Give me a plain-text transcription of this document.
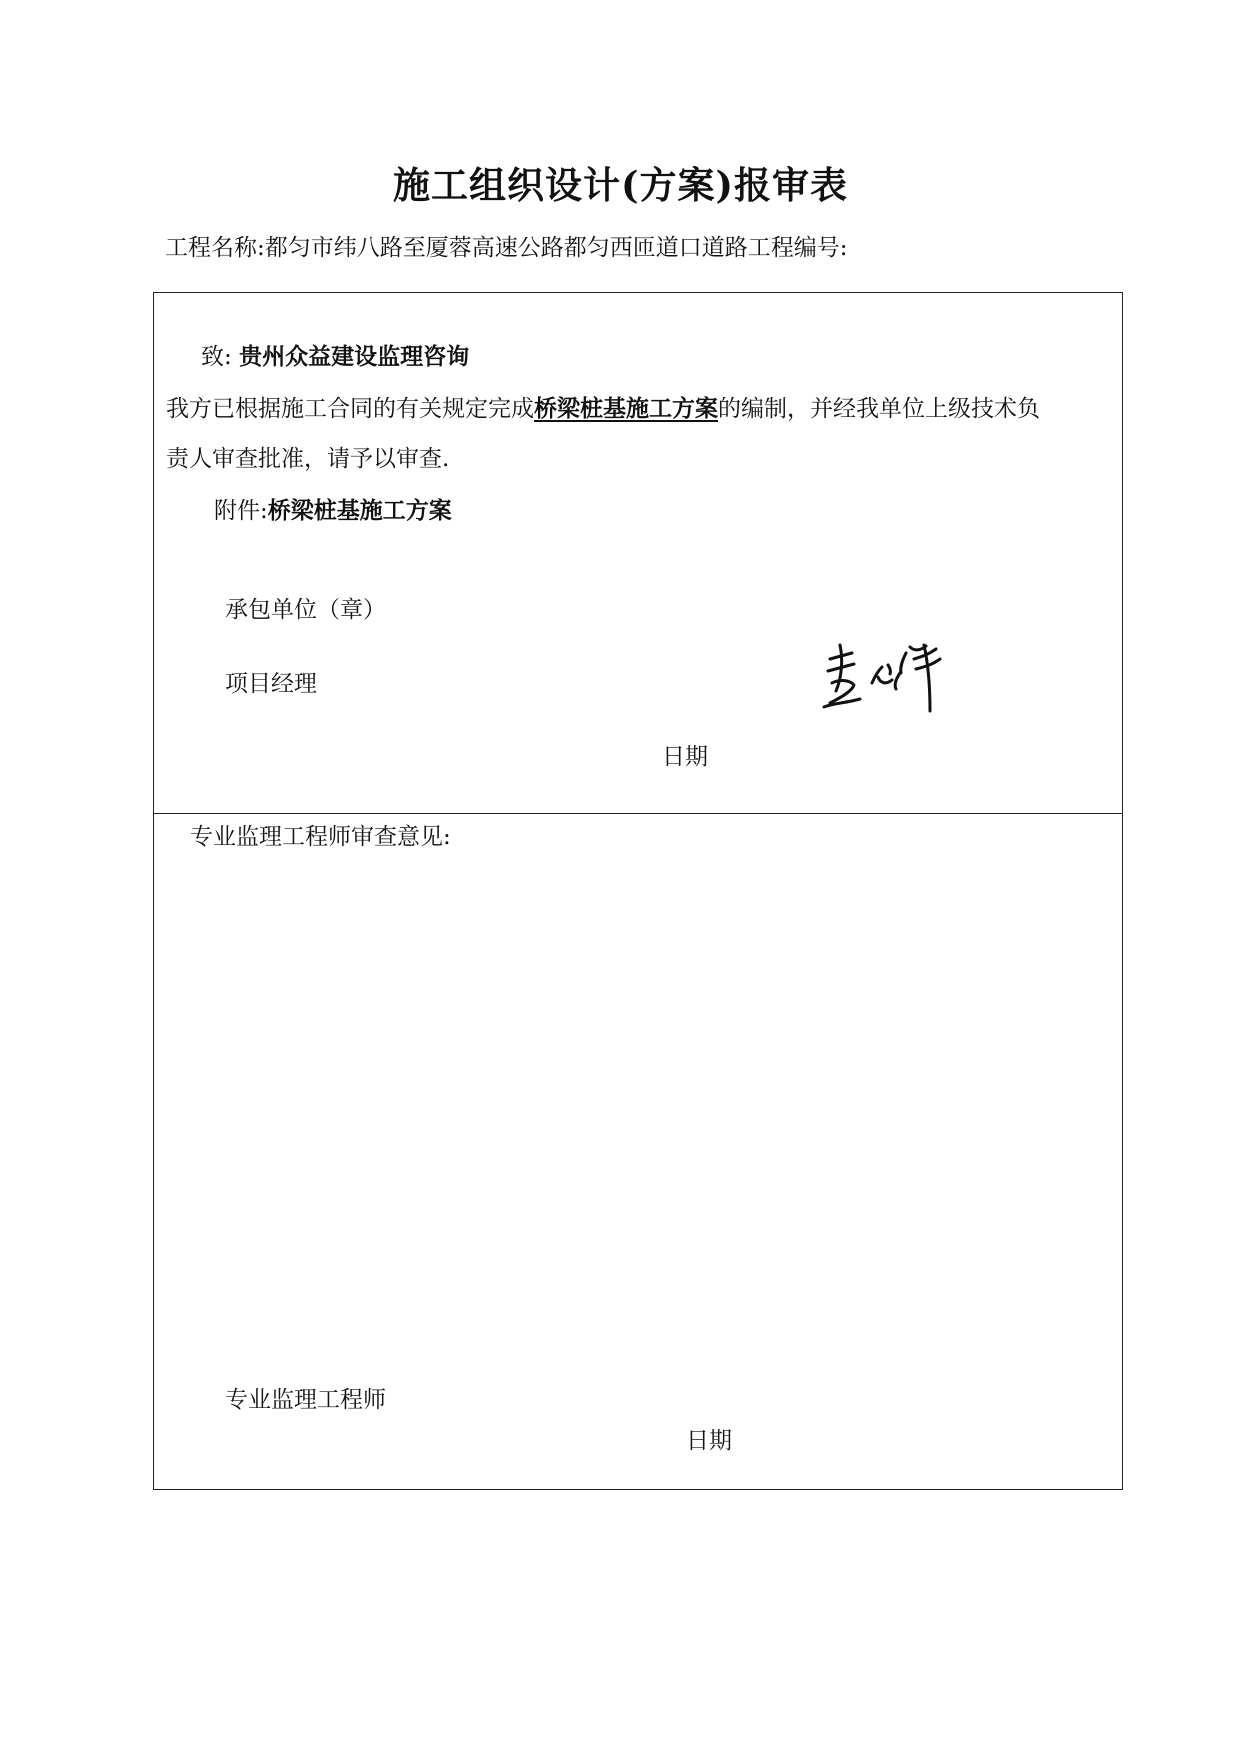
施工组织设计(方案)报审表
工程名称:都匀市纬八路至厦蓉高速公路都匀西匝道口道路工程编号:
致: 贵州众益建设监理咨询
我方已根据施工合同的有关规定完成桥梁桩基施工方案的编制，并经我单位上级技术负
责人审查批准，请予以审查.
附件:桥梁桩基施工方案
承包单位（章）
项目经理
日期
专业监理工程师审查意见:
专业监理工程师
日期
